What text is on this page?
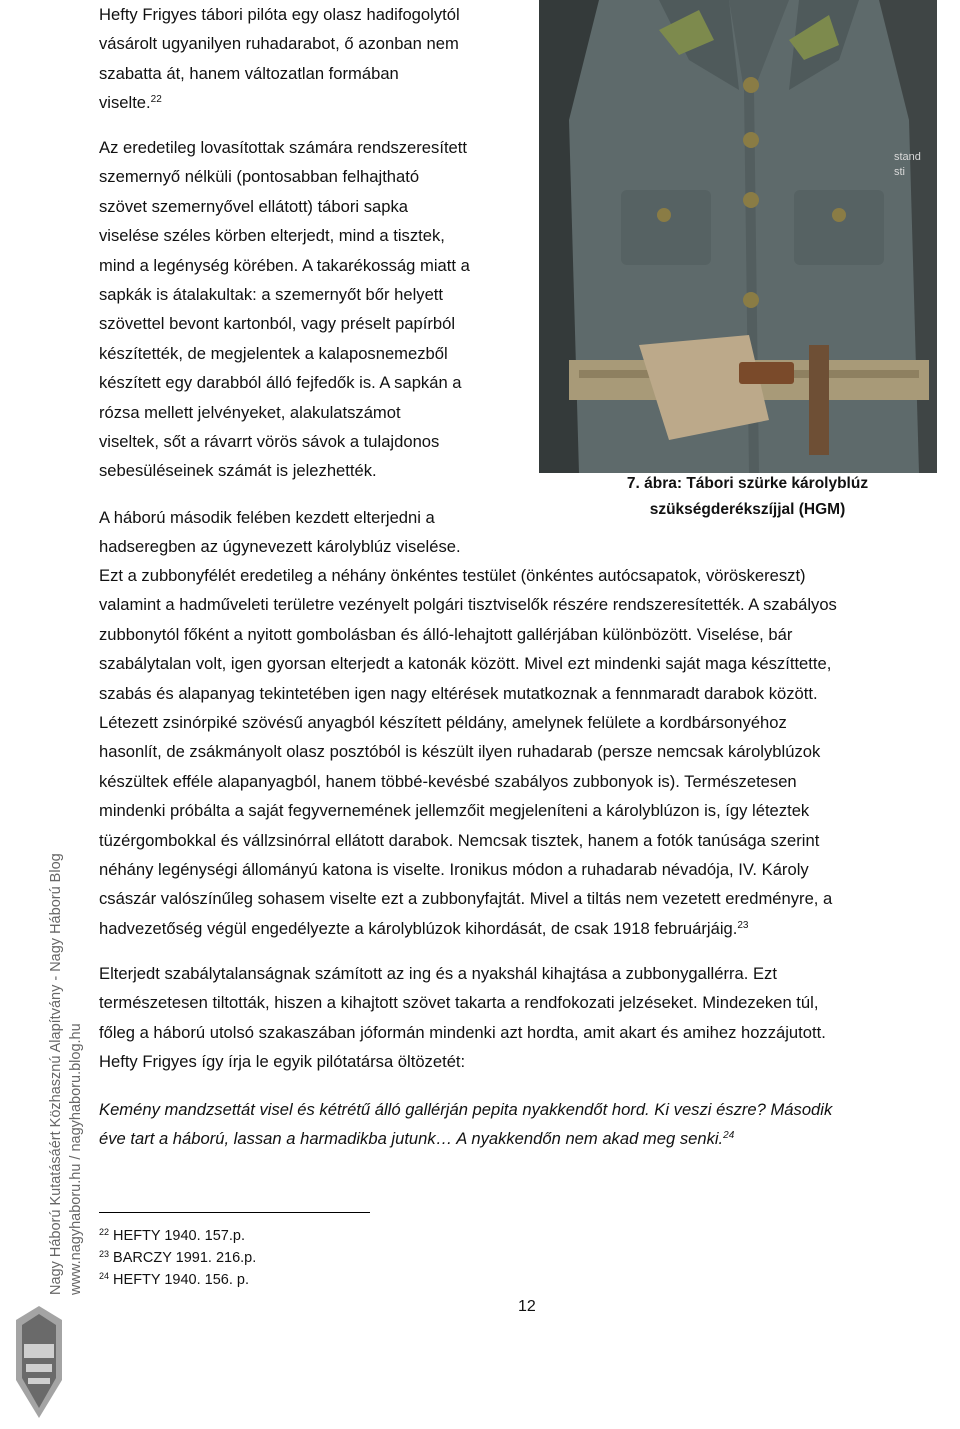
Hefty Frigyes tábori pilóta egy olasz hadifogolytól
vásárolt ugyanilyen ruhadarabot, ő azonban nem
szabatta át, hanem változatlan formában
viselte.$^{22}$

Az eredetileg lovasítottak számára rendszeresített
szemernyő nélküli (pontosabban felhajtható
szövet szemernyővel ellátott) tábori sapka
viselése széles körben elterjedt, mind a tisztek,
mind a legénység körében. A takarékosság miatt a
sapkák is átalakultak: a szemernyőt bőr helyett
szövettel bevont kartonból, vagy préselt papírból
készítették, de megjelentek a kalaposnemezből
készített egy darabból álló fejfedők is. A sapkán a
rózsa mellett jelvényeket, alakulatszámot
viseltek, sőt a rávarrt vörös sávok a tulajdonos
sebesüléseinek számát is jelezhették.

A háború második felében kezdett elterjedni a
hadseregben az úgynevezett károlyblúz viselése.

stand
sti
7. ábra: Tábori szürke károlyblúz
szükségderékszíjjal (HGM)

Ezt a zubbonyfélét eredetileg a néhány önkéntes testület (önkéntes autócsapatok, vöröskereszt)
valamint a hadműveleti területre vezényelt polgári tisztviselők részére rendszeresítették. A szabályos
zubbonytól főként a nyitott gombolásban és álló-lehajtott gallérjában különbözött. Viselése, bár
szabálytalan volt, igen gyorsan elterjedt a katonák között. Mivel ezt mindenki saját maga készíttette,
szabás és alapanyag tekintetében igen nagy eltérések mutatkoznak a fennmaradt darabok között.
Létezett zsinórpiké szövésű anyagból készített példány, amelynek felülete a kordbársonyéhoz
hasonlít, de zsákmányolt olasz posztóból is készült ilyen ruhadarab (persze nemcsak károlyblúzok
készültek efféle alapanyagból, hanem többé-kevésbé szabályos zubbonyok is). Természetesen
mindenki próbálta a saját fegyvernemének jellemzőit megjeleníteni a károlyblúzon is, így léteztek
tüzérgombokkal és vállzsinórral ellátott darabok. Nemcsak tisztek, hanem a fotók tanúsága szerint
néhány legénységi állományú katona is viselte. Ironikus módon a ruhadarab névadója, IV. Károly
császár valószínűleg sohasem viselte ezt a zubbonyfajtát. Mivel a tiltás nem vezetett eredményre, a
hadvezetőség végül engedélyezte a károlyblúzok kihordását, de csak 1918 februárjáig.$^{23}$

Elterjedt szabálytalanságnak számított az ing és a nyakshál kihajtása a zubbonygallérra. Ezt
természetesen tiltották, hiszen a kihajtott szövet takarta a rendfokozati jelzéseket. Mindezeken túl,
főleg a háború utolsó szakaszában jóformán mindenki azt hordta, amit akart és amihez hozzájutott.
Hefty Frigyes így írja le egyik pilótatársa öltözetét:

Kemény mandzsettát visel és kétrétű álló gallérján pepita nyakkendőt hord. Ki veszi észre? Második
éve tart a háború, lassan a harmadikba jutunk… A nyakkendőn nem akad meg senki.$^{24}$

$^{22}$ HEFTY 1940. 157.p.
$^{23}$ BARCZY 1991. 216.p.
$^{24}$ HEFTY 1940. 156. p.
12
Nagy Háború Kutatásáért Közhasznú Alapítvány - Nagy Háború Blog www.nagyhaboru.hu / nagyhaboru.blog.hu
